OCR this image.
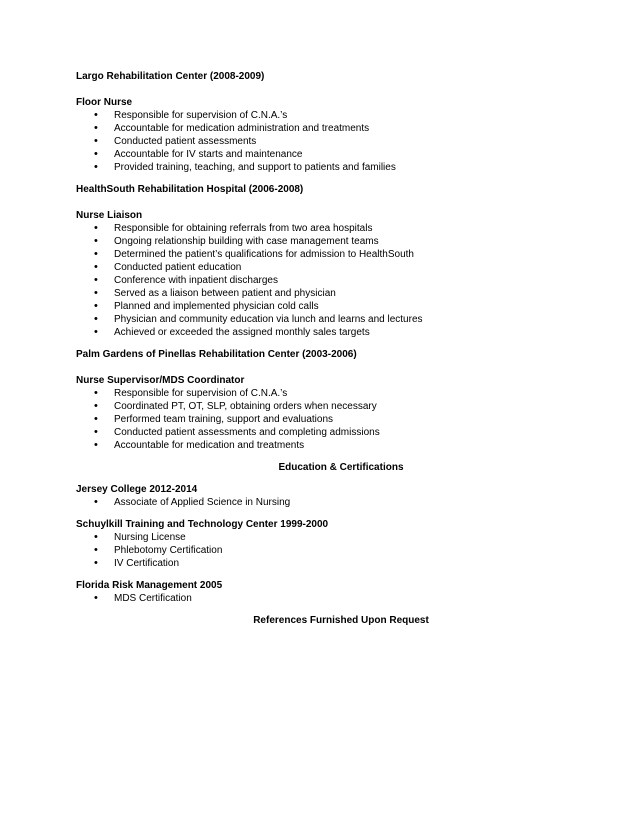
Largo Rehabilitation Center (2008-2009)

Floor Nurse

• Responsible for supervision of C.N.A.’s
• Accountable for medication administration and treatments
• Conducted patient assessments
• Accountable for IV starts and maintenance
• Provided training, teaching, and support to patients and families

HealthSouth Rehabilitation Hospital (2006-2008)

Nurse Liaison

• Responsible for obtaining referrals from two area hospitals
• Ongoing relationship building with case management teams
• Determined the patient’s qualifications for admission to HealthSouth
• Conducted patient education
• Conference with inpatient discharges
• Served as a liaison between patient and physician
• Planned and implemented physician cold calls
• Physician and community education via lunch and learns and lectures
• Achieved or exceeded the assigned monthly sales targets

Palm Gardens of Pinellas Rehabilitation Center (2003-2006)

Nurse Supervisor/MDS Coordinator

• Responsible for supervision of C.N.A.’s
• Coordinated PT, OT, SLP, obtaining orders when necessary
• Performed team training, support and evaluations
• Conducted patient assessments and completing admissions
• Accountable for medication and treatments

Education & Certifications

Jersey College 2012-2014

• Associate of Applied Science in Nursing

Schuylkill Training and Technology Center 1999-2000

• Nursing License
• Phlebotomy Certification
• IV Certification

Florida Risk Management 2005

• MDS Certification

References Furnished Upon Request
